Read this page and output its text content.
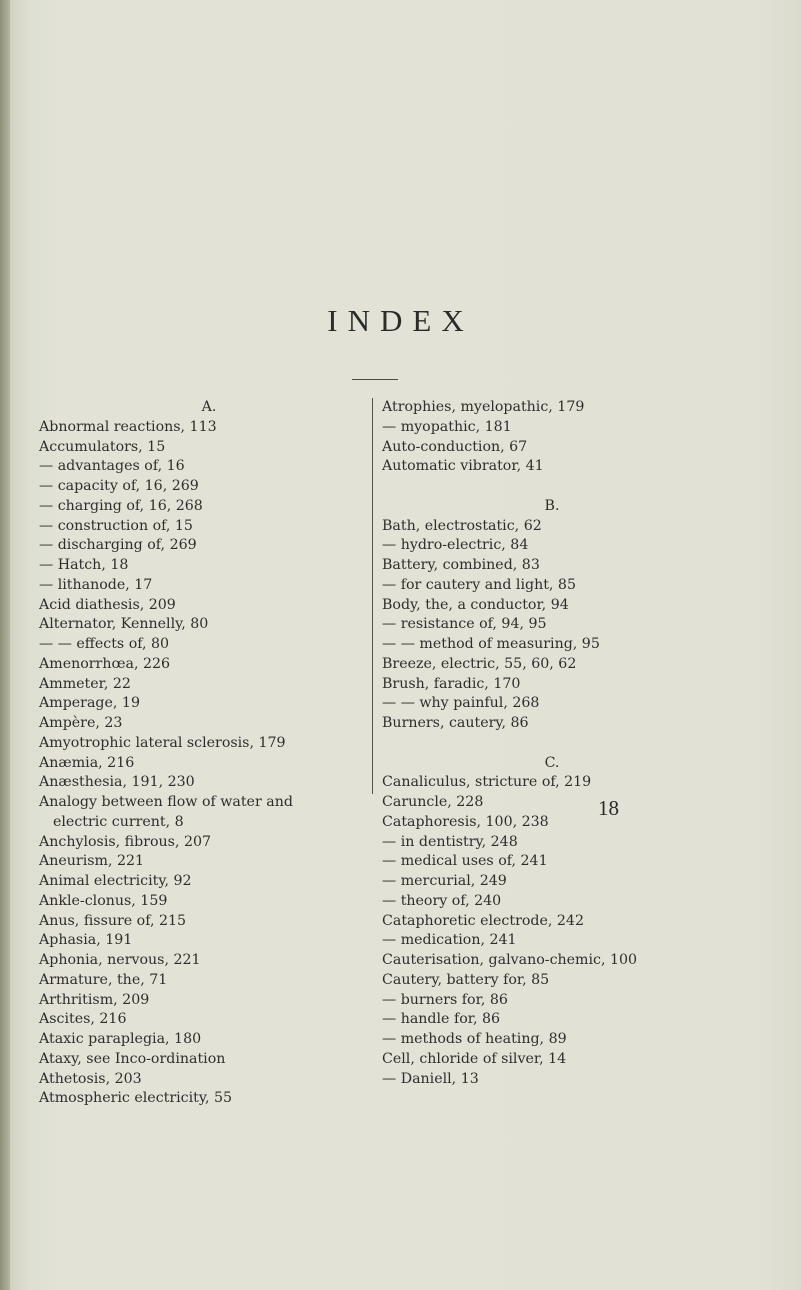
INDEX
A.
Abnormal reactions, 113
Accumulators, 15
— advantages of, 16
— capacity of, 16, 269
— charging of, 16, 268
— construction of, 15
— discharging of, 269
— Hatch, 18
— lithanode, 17
Acid diathesis, 209
Alternator, Kennelly, 80
— — effects of, 80
Amenorrhœa, 226
Ammeter, 22
Amperage, 19
Ampère, 23
Amyotrophic lateral sclerosis, 179
Anæmia, 216
Anæsthesia, 191, 230
Analogy between flow of water and
electric current, 8
Anchylosis, fibrous, 207
Aneurism, 221
Animal electricity, 92
Ankle-clonus, 159
Anus, fissure of, 215
Aphasia, 191
Aphonia, nervous, 221
Armature, the, 71
Arthritism, 209
Ascites, 216
Ataxic paraplegia, 180
Ataxy, see Inco-ordination
Athetosis, 203
Atmospheric electricity, 55
Atrophies, myelopathic, 179
— myopathic, 181
Auto-conduction, 67
Automatic vibrator, 41
B.
Bath, electrostatic, 62
— hydro-electric, 84
Battery, combined, 83
— for cautery and light, 85
Body, the, a conductor, 94
— resistance of, 94, 95
— — method of measuring, 95
Breeze, electric, 55, 60, 62
Brush, faradic, 170
— — why painful, 268
Burners, cautery, 86
C.
Canaliculus, stricture of, 219
Caruncle, 228
Cataphoresis, 100, 238
— in dentistry, 248
— medical uses of, 241
— mercurial, 249
— theory of, 240
Cataphoretic electrode, 242
— medication, 241
Cauterisation, galvano-chemic, 100
Cautery, battery for, 85
— burners for, 86
— handle for, 86
— methods of heating, 89
Cell, chloride of silver, 14
— Daniell, 13
18
